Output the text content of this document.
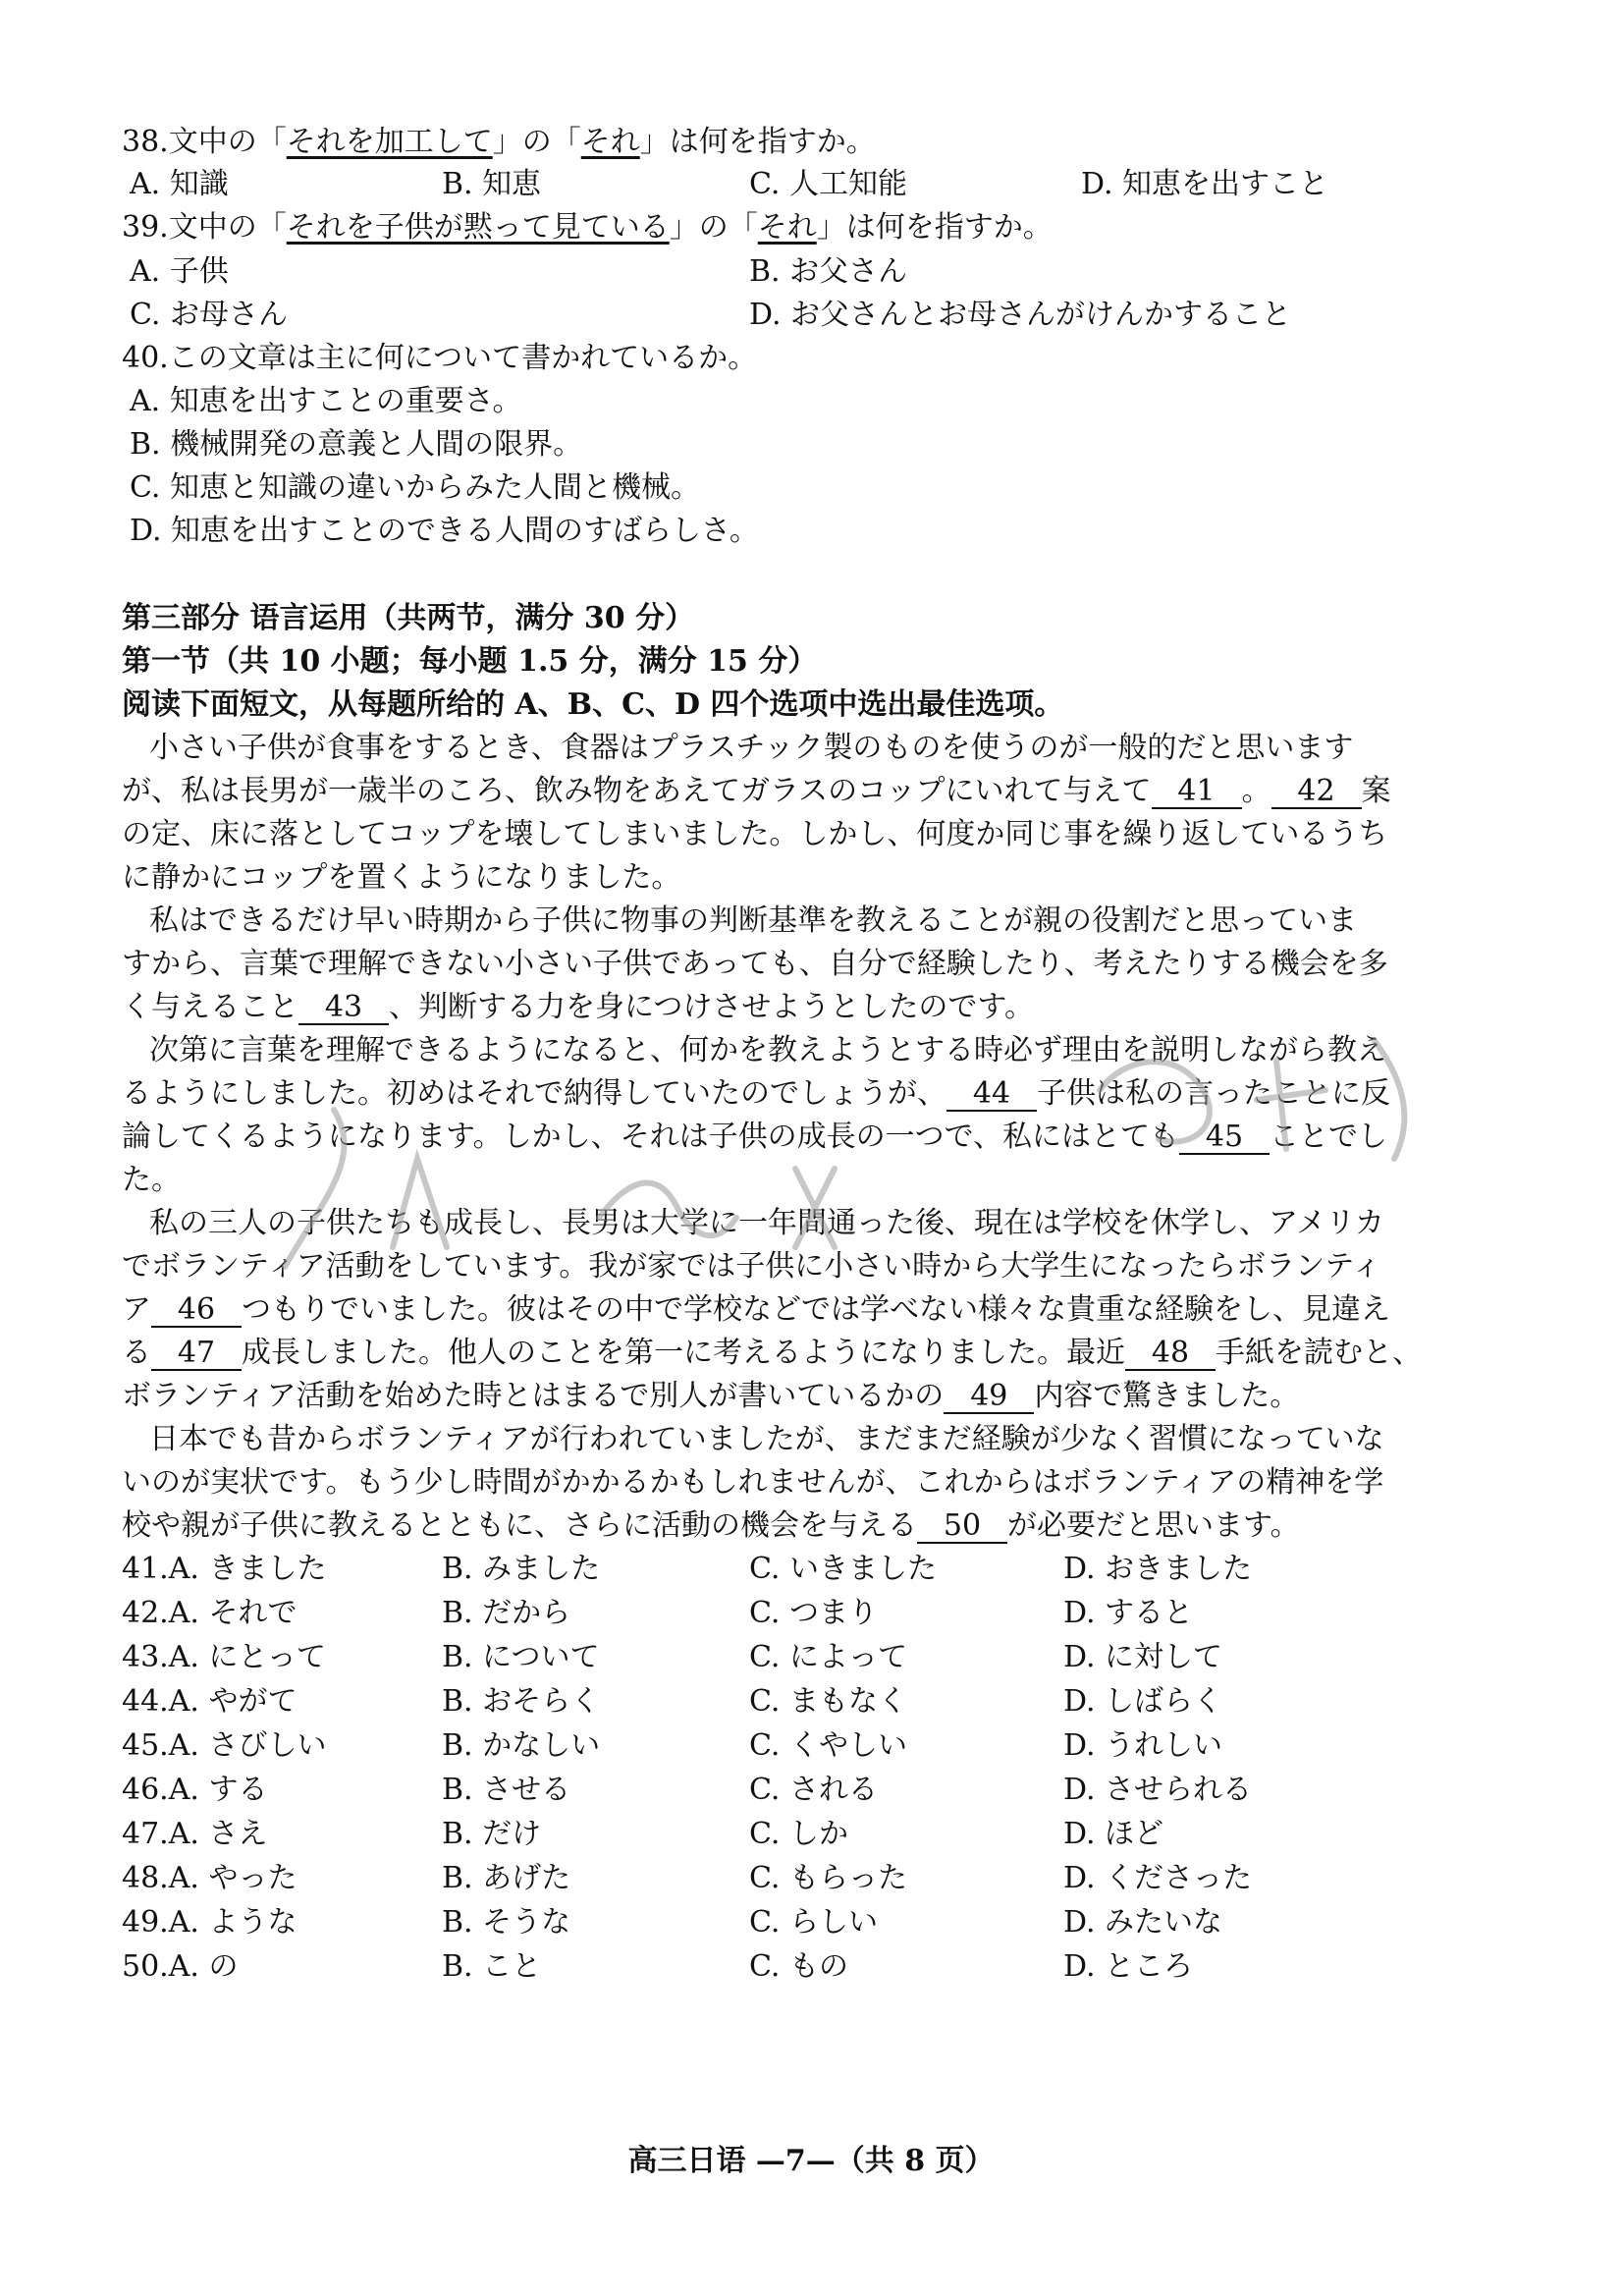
38.文中の「それを加工して」の「それ」は何を指すか。
A. 知識	B. 知恵	C. 人工知能	D. 知恵を出すこと
39.文中の「それを子供が黙って見ている」の「それ」は何を指すか。
A. 子供	B. お父さん
C. お母さん	D. お父さんとお母さんがけんかすること
40.この文章は主に何について書かれているか。
A. 知恵を出すことの重要さ。
B. 機械開発の意義と人間の限界。
C. 知恵と知識の違いからみた人間と機械。
D. 知恵を出すことのできる人間のすばらしさ。
第三部分 语言运用（共两节，满分 30 分）
第一节（共 10 小题；每小题 1.5 分，满分 15 分）
阅读下面短文，从每题所给的 A、B、C、D 四个选项中选出最佳选项。
小さい子供が食事をするとき、食器はプラスチック製のものを使うのが一般的だと思います
が、私は長男が一歳半のころ、飲み物をあえてガラスのコップにいれて与えて 41 。 42 案
の定、床に落としてコップを壊してしまいました。しかし、何度か同じ事を繰り返しているうち
に静かにコップを置くようになりました。
私はできるだけ早い時期から子供に物事の判断基準を教えることが親の役割だと思っていま
すから、言葉で理解できない小さい子供であっても、自分で経験したり、考えたりする機会を多
く与えること 43 、判断する力を身につけさせようとしたのです。
次第に言葉を理解できるようになると、何かを教えようとする時必ず理由を説明しながら教え
るようにしました。初めはそれで納得していたのでしょうが、 44 子供は私の言ったことに反
論してくるようになります。しかし、それは子供の成長の一つで、私にはとても 45 ことでし
た。
私の三人の子供たちも成長し、長男は大学に一年間通った後、現在は学校を休学し、アメリカ
でボランティア活動をしています。我が家では子供に小さい時から大学生になったらボランティ
ア 46 つもりでいました。彼はその中で学校などでは学べない様々な貴重な経験をし、見違え
る 47 成長しました。他人のことを第一に考えるようになりました。最近 48 手紙を読むと、
ボランティア活動を始めた時とはまるで別人が書いているかの 49 内容で驚きました。
日本でも昔からボランティアが行われていましたが、まだまだ経験が少なく習慣になっていな
いのが実状です。もう少し時間がかかるかもしれませんが、これからはボランティアの精神を学
校や親が子供に教えるとともに、さらに活動の機会を与える 50 が必要だと思います。
41.A. きました	B. みました	C. いきました	D. おきました
42.A. それで	B. だから	C. つまり	D. すると
43.A. にとって	B. について	C. によって	D. に対して
44.A. やがて	B. おそらく	C. まもなく	D. しばらく
45.A. さびしい	B. かなしい	C. くやしい	D. うれしい
46.A. する	B. させる	C. される	D. させられる
47.A. さえ	B. だけ	C. しか	D. ほど
48.A. やった	B. あげた	C. もらった	D. くださった
49.A. ような	B. そうな	C. らしい	D. みたいな
50.A. の	B. こと	C. もの	D. ところ
高三日语 —7—（共 8 页）
